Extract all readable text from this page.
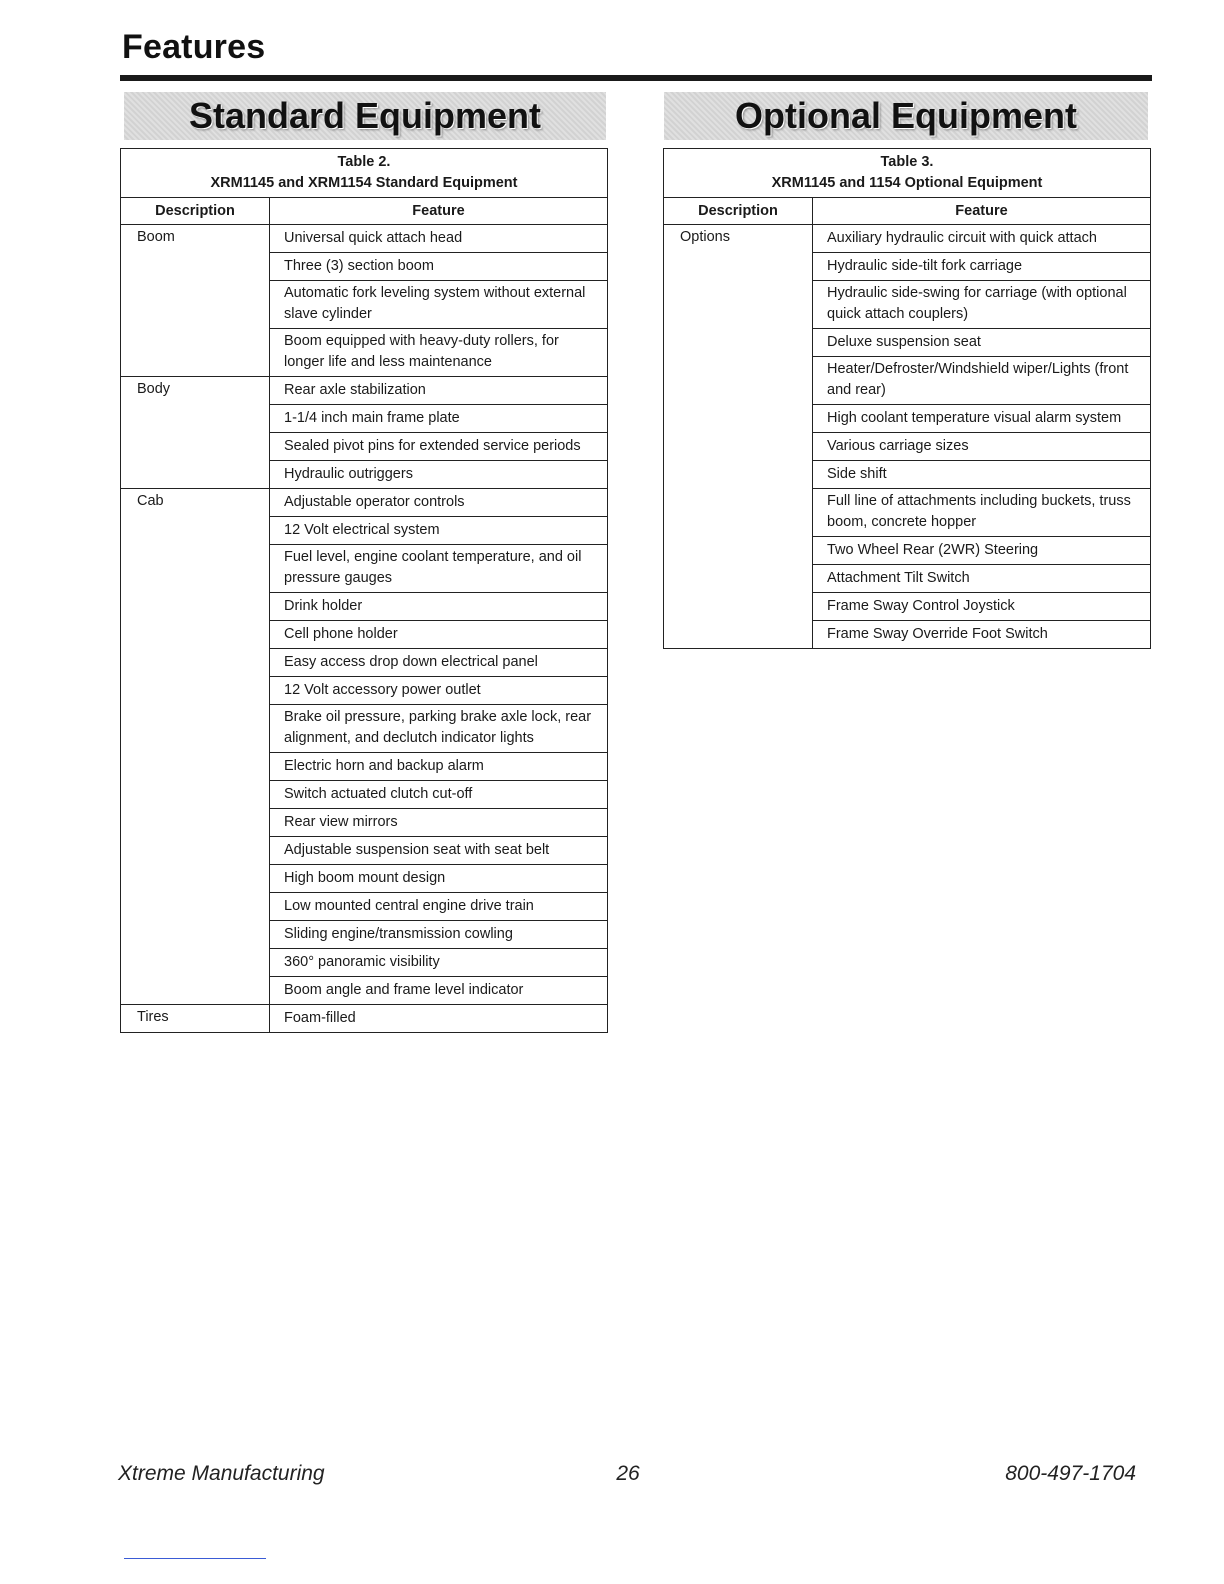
Features
Standard Equipment	Optional Equipment
Table 2.
XRM1145 and XRM1154 Standard Equipment	

Description	Feature
Boom	Universal quick attach head
	Three (3) section boom
	Automatic fork leveling system without external slave cylinder
	Boom equipped with heavy-duty rollers, for longer life and less maintenance
Body	Rear axle stabilization
	1-1/4 inch main frame plate
	Sealed pivot pins for extended service periods
	Hydraulic outriggers
Cab	Adjustable operator controls
	12 Volt electrical system
	Fuel level, engine coolant temperature, and oil pressure gauges
	Drink holder
	Cell phone holder
	Easy access drop down electrical panel
	12 Volt accessory power outlet
	Brake oil pressure, parking brake axle lock, rear alignment, and declutch indicator lights
	Electric horn and backup alarm
	Switch actuated clutch cut-off
	Rear view mirrors
	Adjustable suspension seat with seat belt
	High boom mount design
	Low mounted central engine drive train
	Sliding engine/transmission cowling
	360° panoramic visibility
	Boom angle and frame level indicator
Tires	Foam-filled
Table 3.
XRM1145 and 1154 Optional Equipment	

Description	Feature
Options	Auxiliary hydraulic circuit with quick attach
	Hydraulic side-tilt fork carriage
	Hydraulic side-swing for carriage (with optional quick attach couplers)
	Deluxe suspension seat
	Heater/Defroster/Windshield wiper/Lights (front and rear)
	High coolant temperature visual alarm system
	Various carriage sizes
	Side shift
	Full line of attachments including buckets, truss boom, concrete hopper
	Two Wheel Rear (2WR) Steering
	Attachment Tilt Switch
	Frame Sway Control Joystick
	Frame Sway Override Foot Switch
Xtreme Manufacturing	26	800-497-1704
